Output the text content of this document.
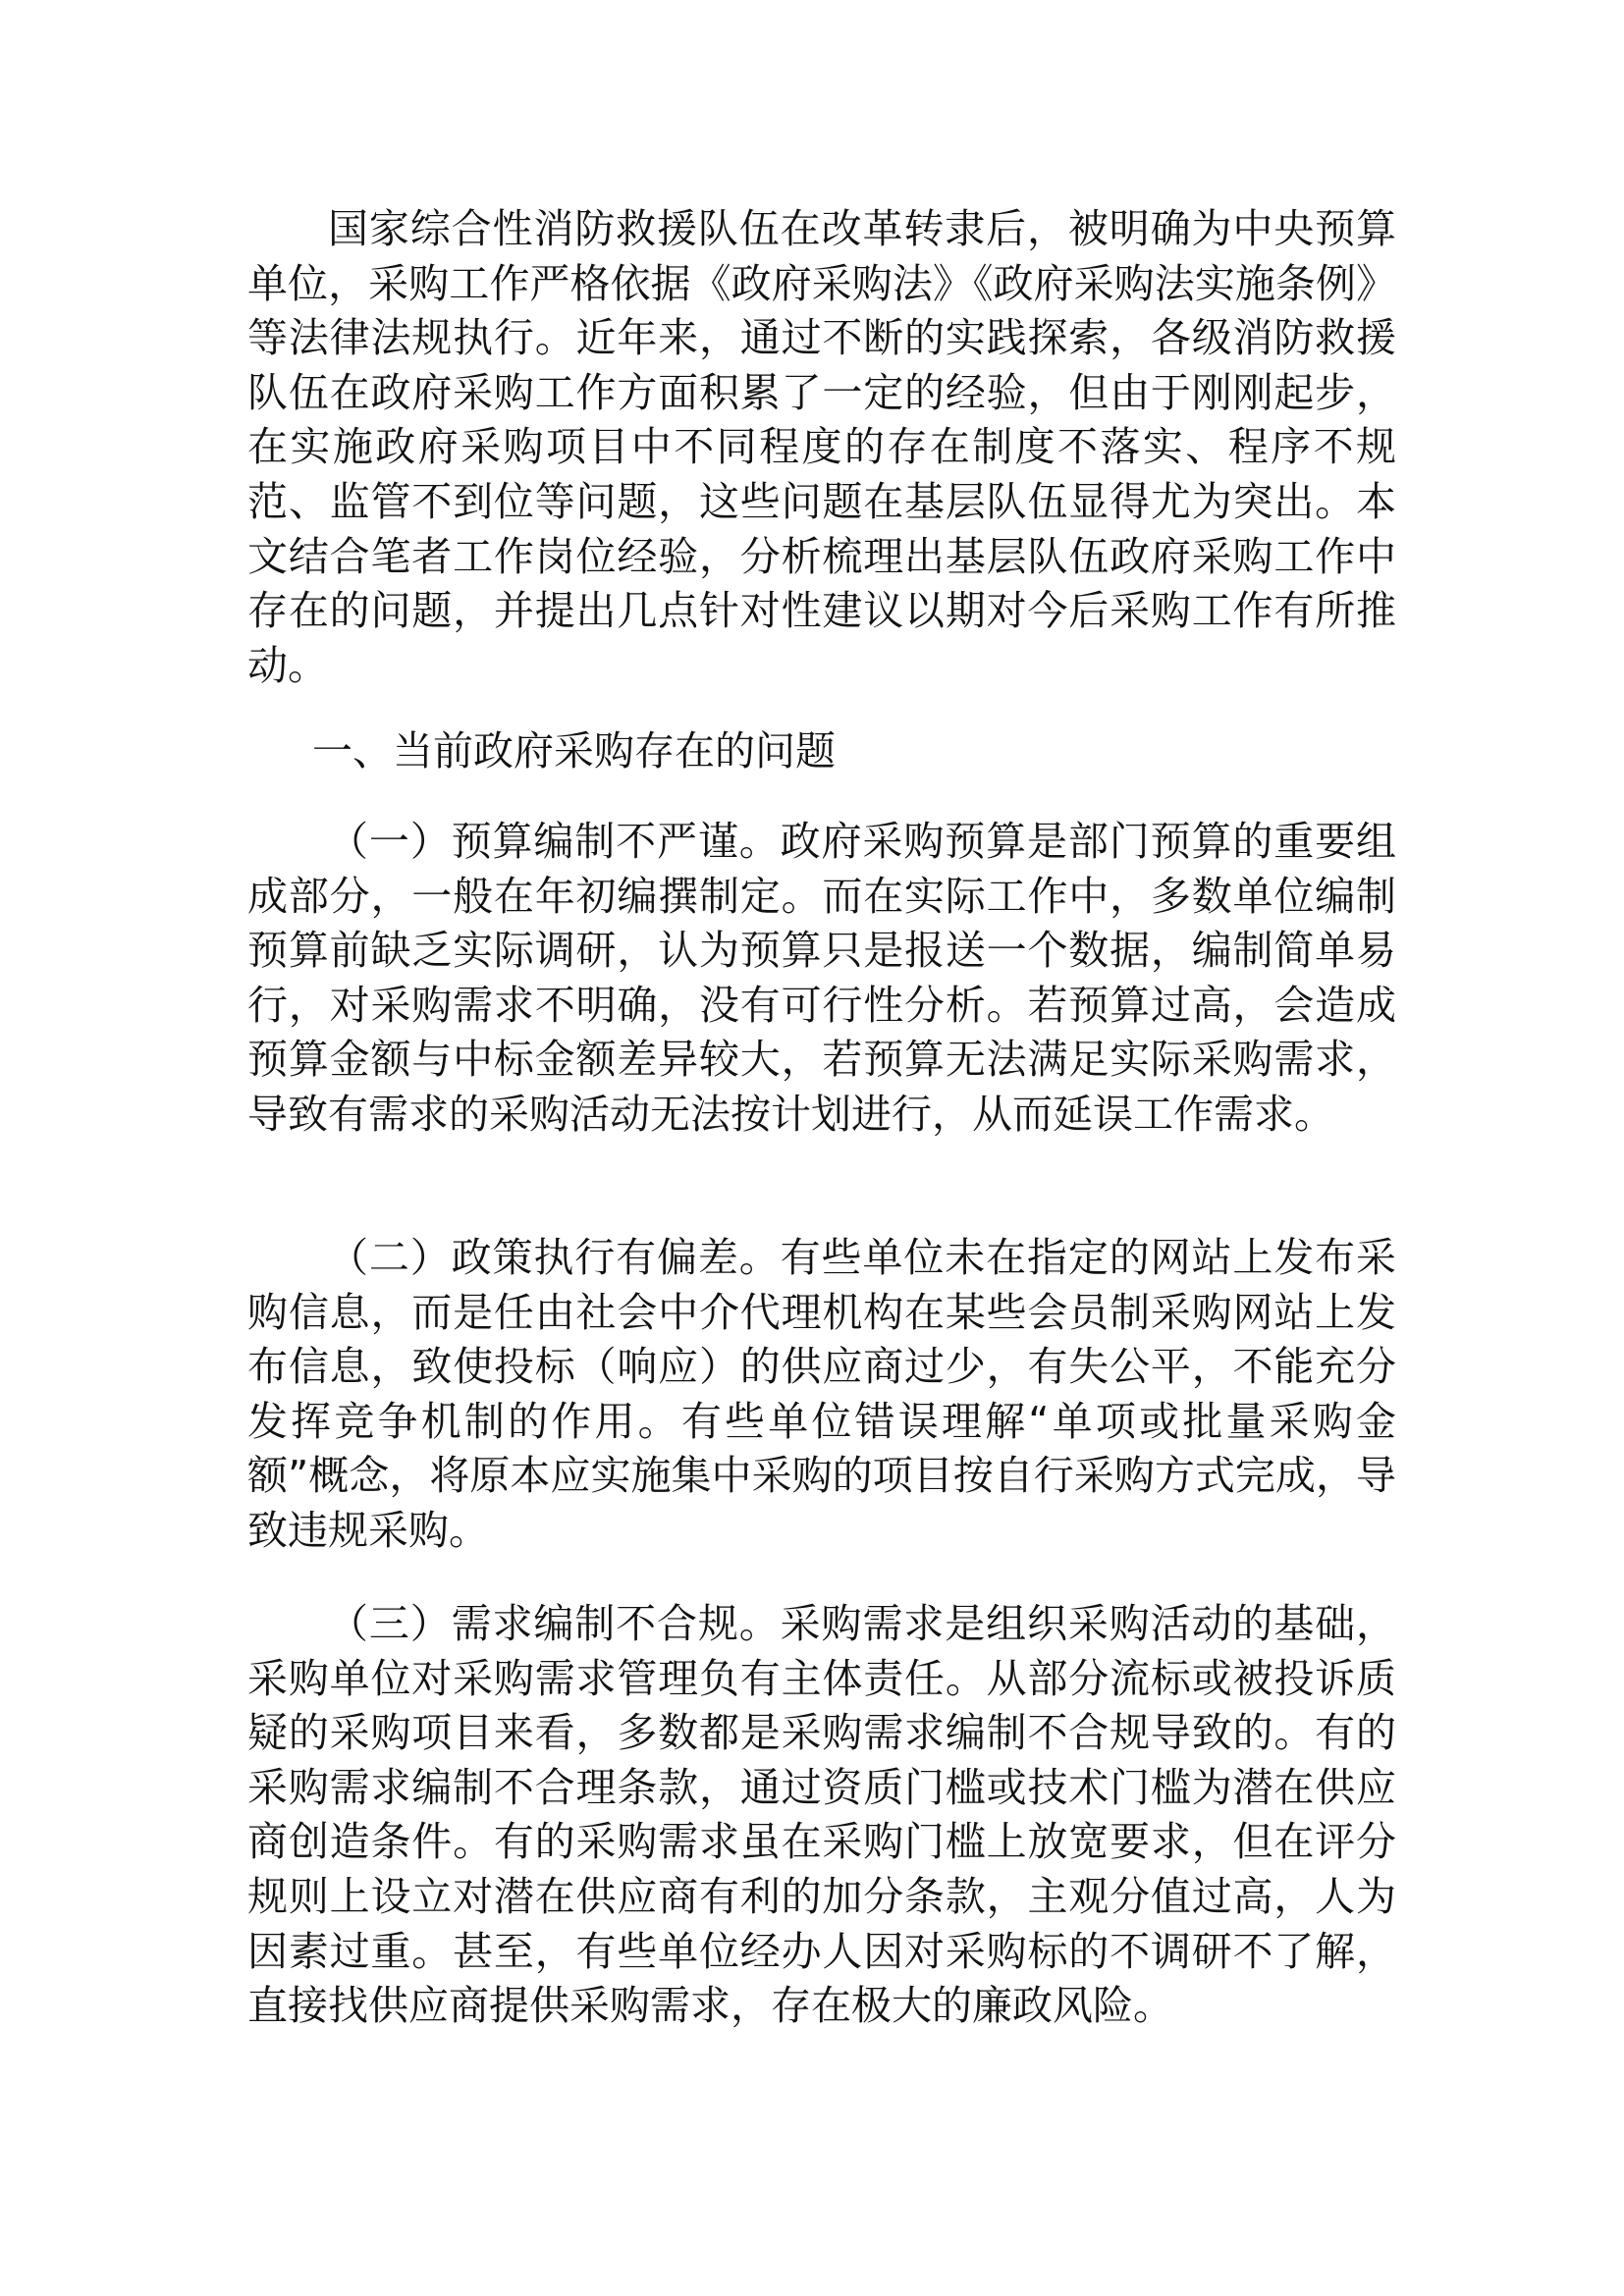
国家综合性消防救援队伍在改革转隶后，被明确为中央预算单位，采购工作严格依据《政府采购法》《政府采购法实施条例》等法律法规执行。近年来，通过不断的实践探索，各级消防救援队伍在政府采购工作方面积累了一定的经验，但由于刚刚起步，在实施政府采购项目中不同程度的存在制度不落实、程序不规范、监管不到位等问题，这些问题在基层队伍显得尤为突出。本文结合笔者工作岗位经验，分析梳理出基层队伍政府采购工作中存在的问题，并提出几点针对性建议以期对今后采购工作有所推动。

一、当前政府采购存在的问题

（一）预算编制不严谨。政府采购预算是部门预算的重要组成部分，一般在年初编撰制定。而在实际工作中，多数单位编制预算前缺乏实际调研，认为预算只是报送一个数据，编制简单易行，对采购需求不明确，没有可行性分析。若预算过高，会造成预算金额与中标金额差异较大，若预算无法满足实际采购需求，导致有需求的采购活动无法按计划进行，从而延误工作需求。

（二）政策执行有偏差。有些单位未在指定的网站上发布采购信息，而是任由社会中介代理机构在某些会员制采购网站上发布信息，致使投标（响应）的供应商过少，有失公平，不能充分发挥竞争机制的作用。有些单位错误理解“单项或批量采购金额”概念，将原本应实施集中采购的项目按自行采购方式完成，导致违规采购。

（三）需求编制不合规。采购需求是组织采购活动的基础，采购单位对采购需求管理负有主体责任。从部分流标或被投诉质疑的采购项目来看，多数都是采购需求编制不合规导致的。有的采购需求编制不合理条款，通过资质门槛或技术门槛为潜在供应商创造条件。有的采购需求虽在采购门槛上放宽要求，但在评分规则上设立对潜在供应商有利的加分条款，主观分值过高，人为因素过重。甚至，有些单位经办人因对采购标的不调研不了解，直接找供应商提供采购需求，存在极大的廉政风险。
